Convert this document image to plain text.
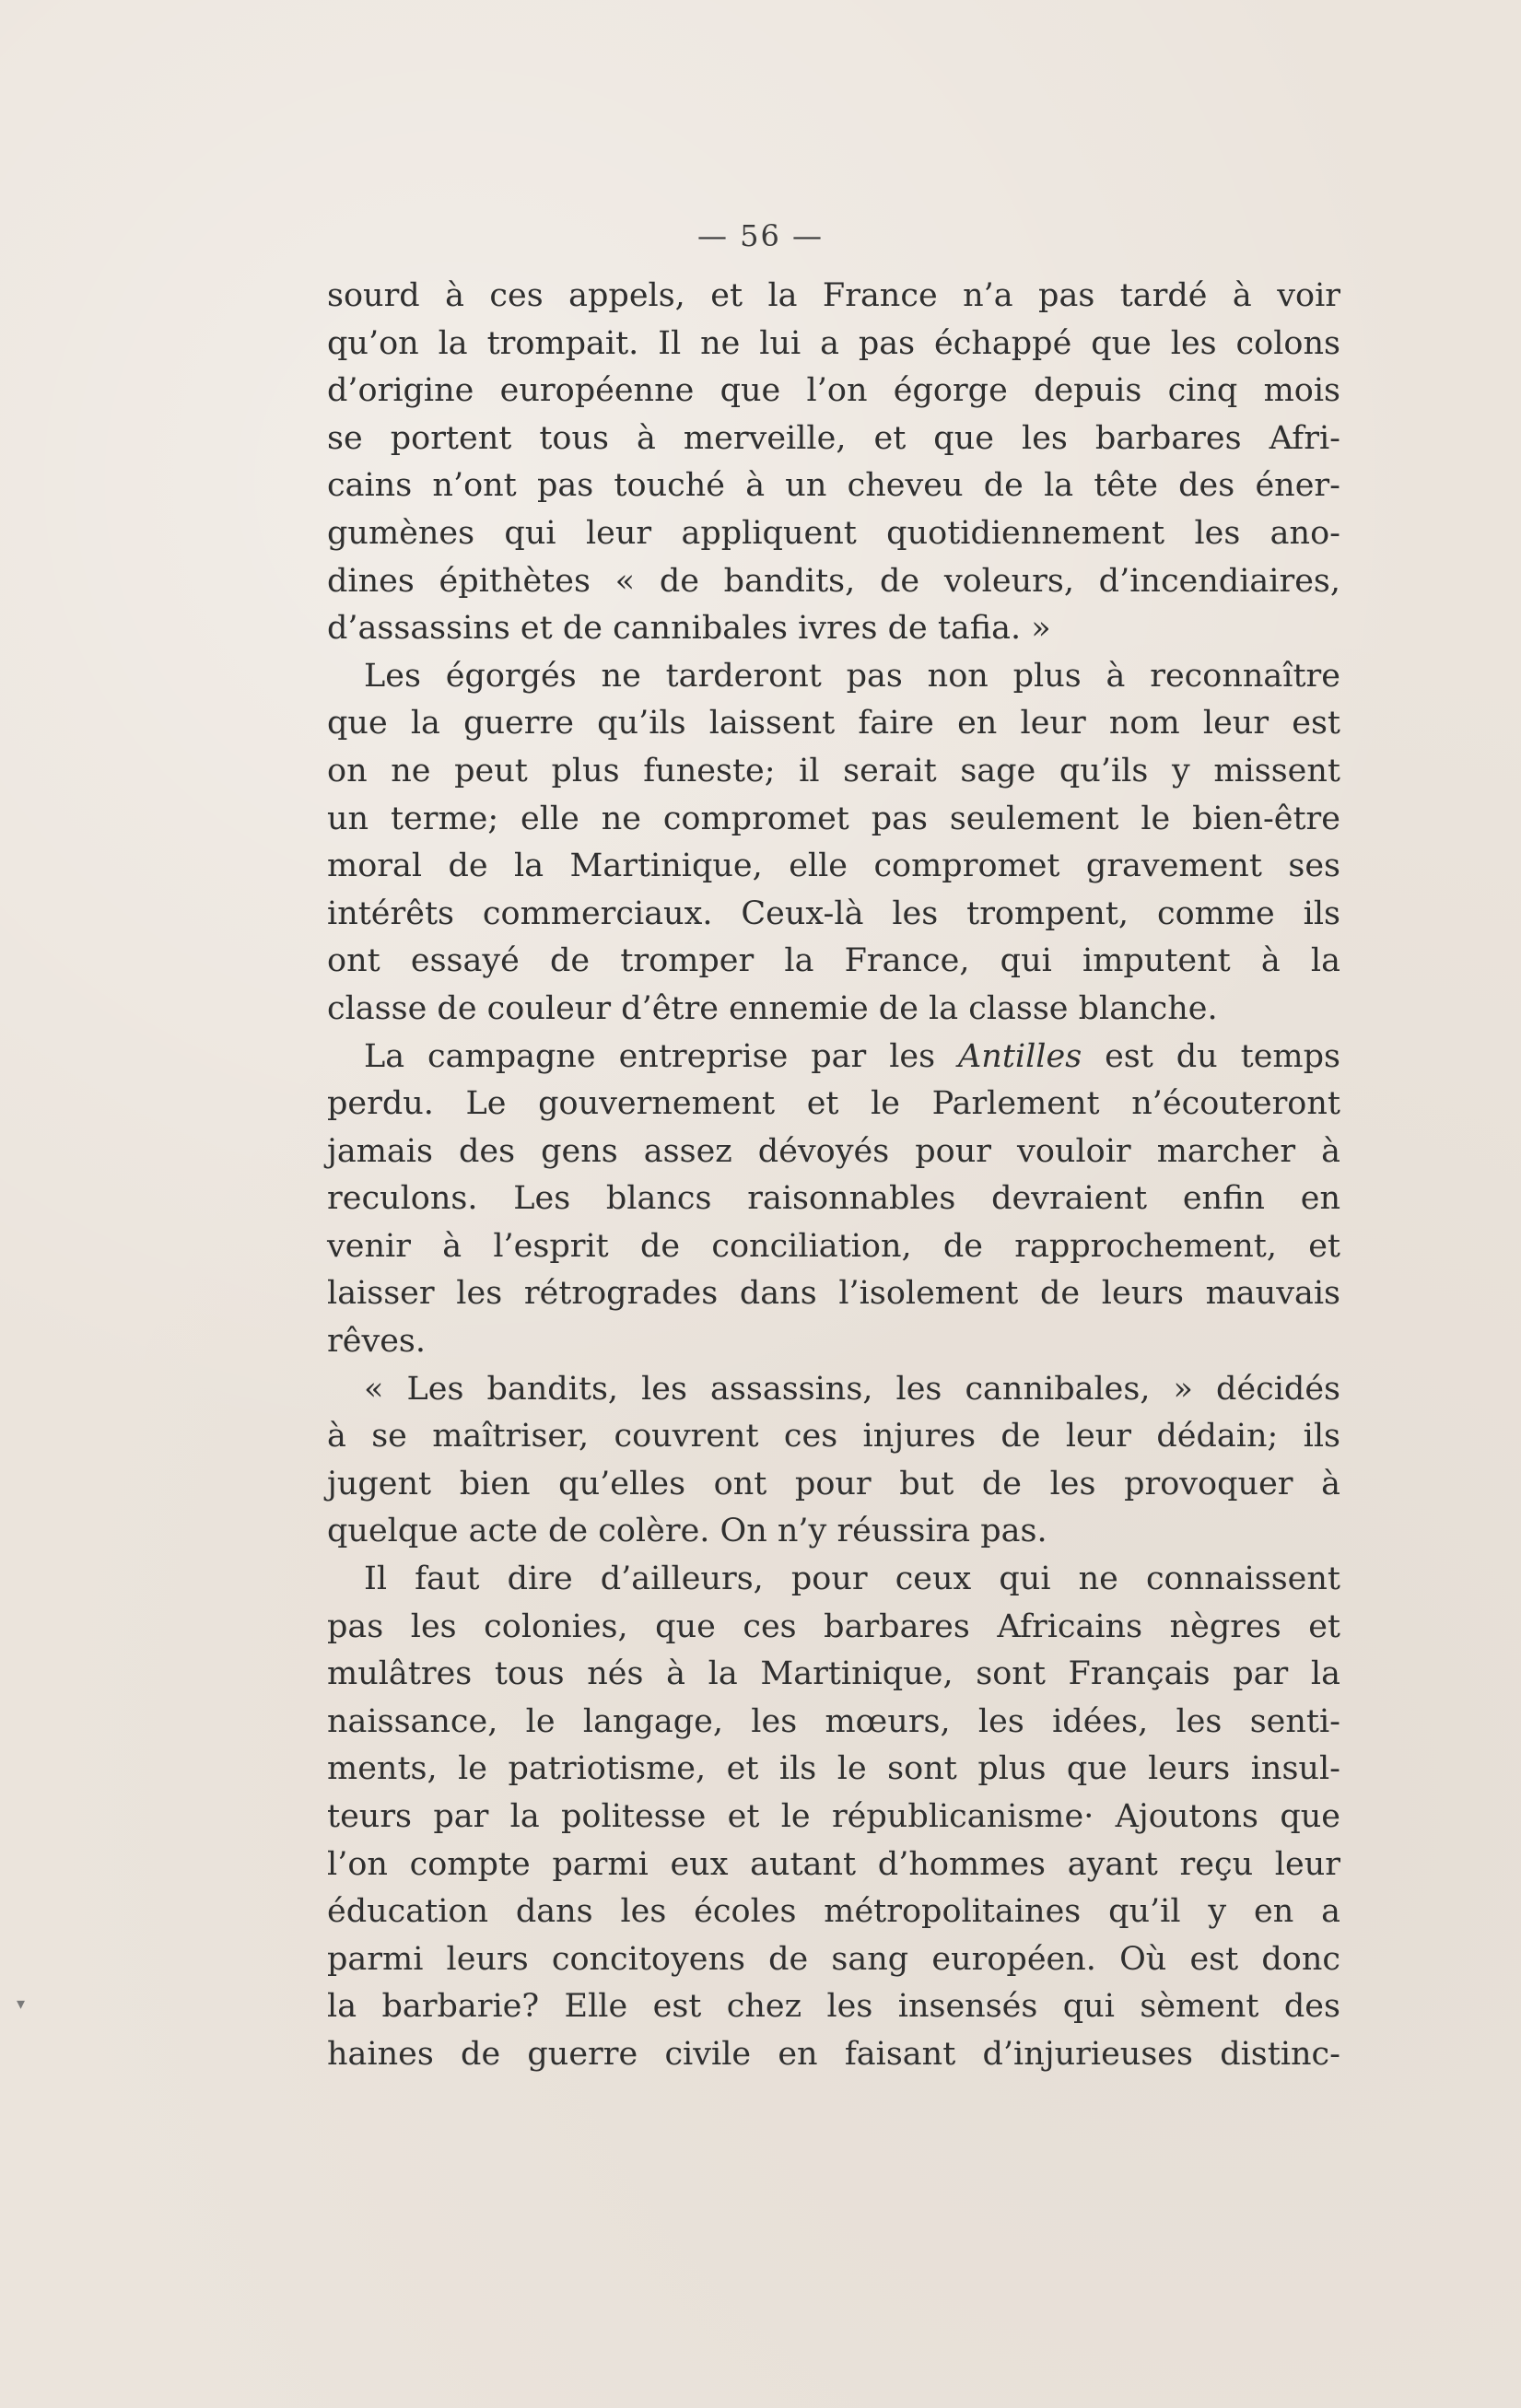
— 56 —
sourd à ces appels, et la France n’a pas tardé à voir
qu’on la trompait. Il ne lui a pas échappé que les colons
d’origine européenne que l’on égorge depuis cinq mois
se portent tous à merveille, et que les barbares Afri-
cains n’ont pas touché à un cheveu de la tête des éner-
gumènes qui leur appliquent quotidiennement les ano-
dines épithètes « de bandits, de voleurs, d’incendiaires,
d’assassins et de cannibales ivres de tafia. »
Les égorgés ne tarderont pas non plus à reconnaître
que la guerre qu’ils laissent faire en leur nom leur est
on ne peut plus funeste; il serait sage qu’ils y missent
un terme; elle ne compromet pas seulement le bien-être
moral de la Martinique, elle compromet gravement ses
intérêts commerciaux. Ceux-là les trompent, comme ils
ont essayé de tromper la France, qui imputent à la
classe de couleur d’être ennemie de la classe blanche.
La campagne entreprise par les Antilles est du temps
perdu. Le gouvernement et le Parlement n’écouteront
jamais des gens assez dévoyés pour vouloir marcher à
reculons. Les blancs raisonnables devraient enfin en
venir à l’esprit de conciliation, de rapprochement, et
laisser les rétrogrades dans l’isolement de leurs mauvais
rêves.
« Les bandits, les assassins, les cannibales, » décidés
à se maîtriser, couvrent ces injures de leur dédain; ils
jugent bien qu’elles ont pour but de les provoquer à
quelque acte de colère. On n’y réussira pas.
Il faut dire d’ailleurs, pour ceux qui ne connaissent
pas les colonies, que ces barbares Africains nègres et
mulâtres tous nés à la Martinique, sont Français par la
naissance, le langage, les mœurs, les idées, les senti-
ments, le patriotisme, et ils le sont plus que leurs insul-
teurs par la politesse et le républicanisme· Ajoutons que
l’on compte parmi eux autant d’hommes ayant reçu leur
éducation dans les écoles métropolitaines qu’il y en a
parmi leurs concitoyens de sang européen. Où est donc
la barbarie? Elle est chez les insensés qui sèment des
haines de guerre civile en faisant d’injurieuses distinc-
▾
